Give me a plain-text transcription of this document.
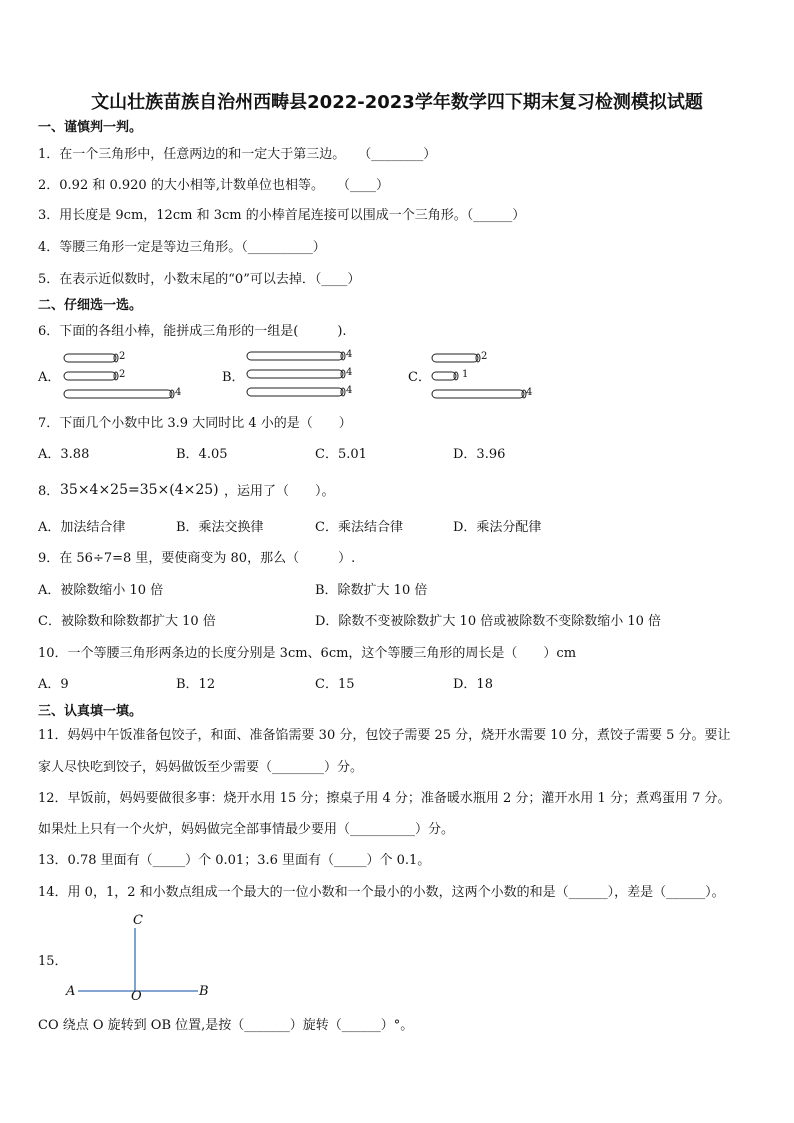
文山壮族苗族自治州西畴县2022-2023学年数学四下期末复习检测模拟试题
一、谨慎判一判。
1．在一个三角形中，任意两边的和一定大于第三边。　　（________）
2．0.92 和 0.920 的大小相等,计数单位也相等。　　（____）
3．用长度是 9cm，12cm 和 3cm 的小棒首尾连接可以围成一个三角形。（______）
4．等腰三角形一定是等边三角形。（__________）
5．在表示近似数时，小数末尾的“0”可以去掉．（____）
二、仔细选一选。
6．下面的各组小棒，能拼成三角形的一组是(　　　).
A．
2
2
4
B．
4
4
4
C．
2
1
4
7．下面几个小数中比 3.9 大同时比 4 小的是（　　）
A．3.88	B．4.05	C．5.01	D．3.96
8． 35×4×25=35×(4×25) ，运用了（　　）。
A．加法结合律	B．乘法交换律	C．乘法结合律	D．乘法分配律
9．在 56÷7=8 里，要使商变为 80，那么（　　　）.
A．被除数缩小 10 倍	B．除数扩大 10 倍
C．被除数和除数都扩大 10 倍	D．除数不变被除数扩大 10 倍或被除数不变除数缩小 10 倍
10．一个等腰三角形两条边的长度分别是 3cm、6cm，这个等腰三角形的周长是（　　）cm
A．9	B．12	C．15	D．18
三、认真填一填。
11．妈妈中午饭准备包饺子，和面、准备馅需要 30 分，包饺子需要 25 分，烧开水需要 10 分，煮饺子需要 5 分。要让
家人尽快吃到饺子，妈妈做饭至少需要（________）分。
12．早饭前，妈妈要做很多事：烧开水用 15 分；擦桌子用 4 分；准备暖水瓶用 2 分；灌开水用 1 分；煮鸡蛋用 7 分。
如果灶上只有一个火炉，妈妈做完全部事情最少要用（__________）分。
13．0.78 里面有（_____）个 0.01；3.6 里面有（_____）个 0.1。
14．用 0，1，2 和小数点组成一个最大的一位小数和一个最小的小数，这两个小数的和是（______），差是（______）。
15．
C
A	O	B
CO 绕点 O 旋转到 OB 位置,是按（_______）旋转（______）°。
